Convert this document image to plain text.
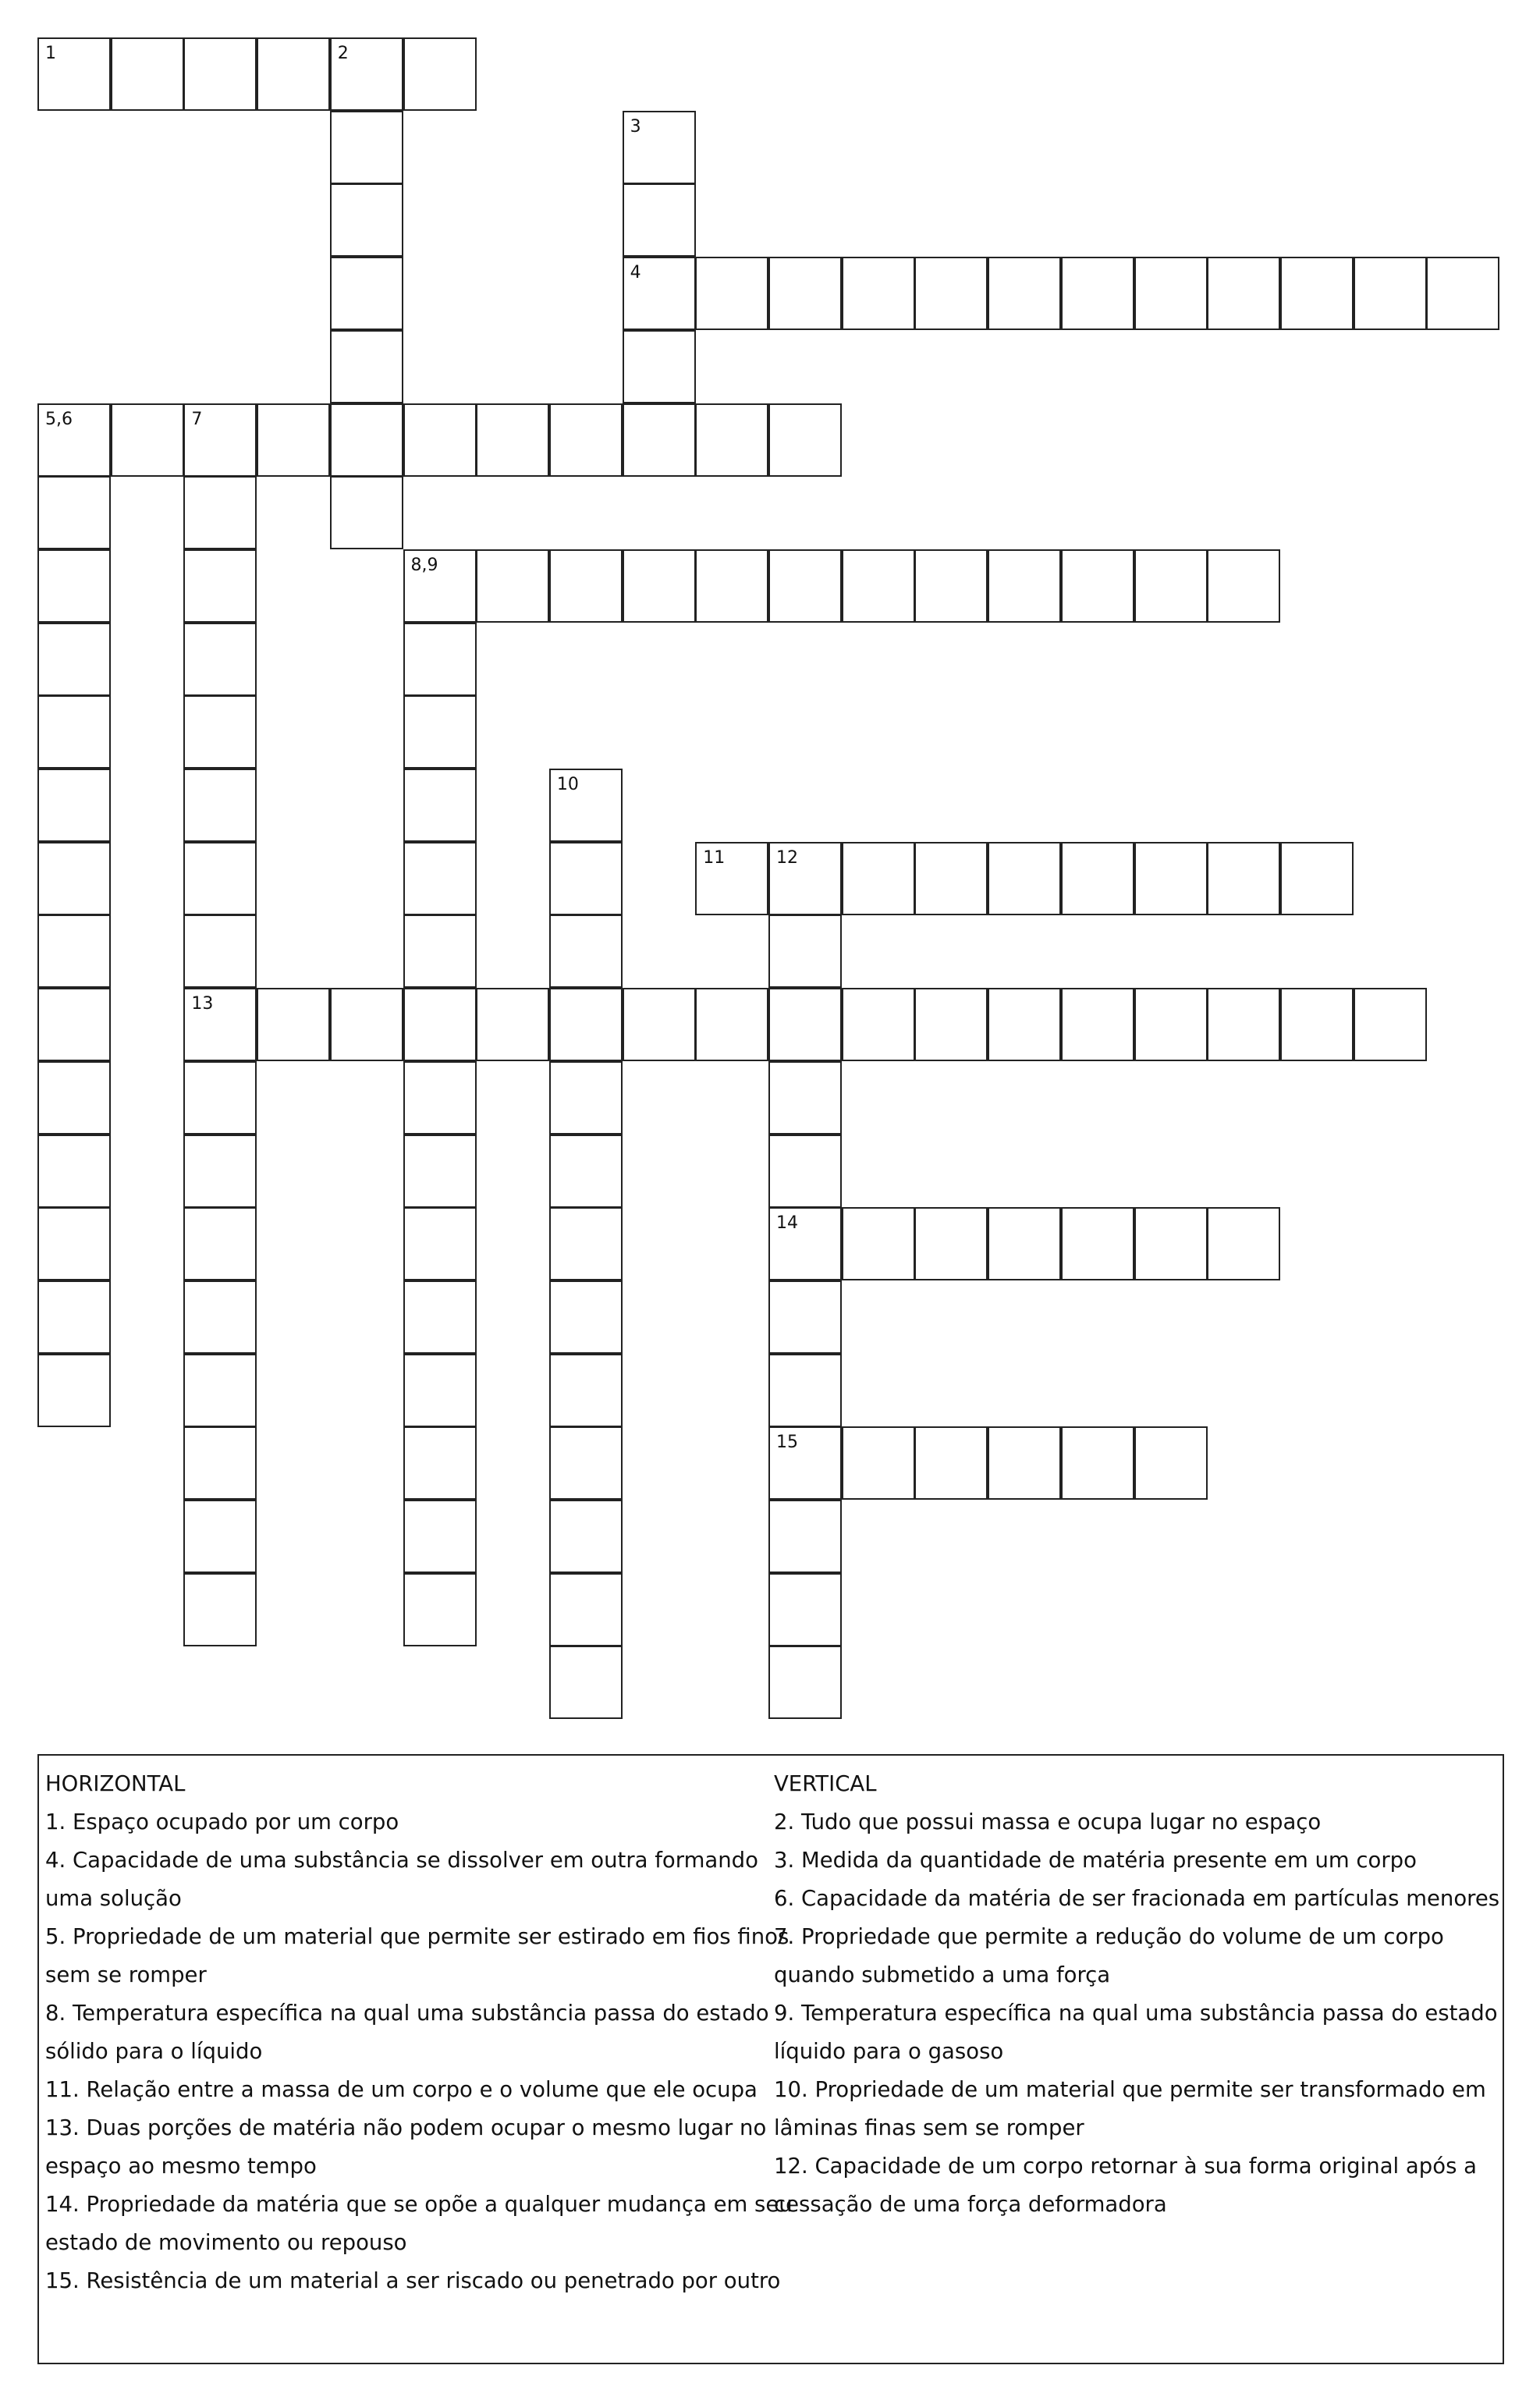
1	2
3
4
5,6	7
13
8,9
10
11	12
14
15
HORIZONTAL
1. Espaço ocupado por um corpo
4. Capacidade de uma substância se dissolver em outra formando
uma solução
5. Propriedade de um material que permite ser estirado em fios finos
sem se romper
8. Temperatura específica na qual uma substância passa do estado
sólido para o líquido
11. Relação entre a massa de um corpo e o volume que ele ocupa
13. Duas porções de matéria não podem ocupar o mesmo lugar no
espaço ao mesmo tempo
14. Propriedade da matéria que se opõe a qualquer mudança em seu
estado de movimento ou repouso
15. Resistência de um material a ser riscado ou penetrado por outro
VERTICAL
2. Tudo que possui massa e ocupa lugar no espaço
3. Medida da quantidade de matéria presente em um corpo
6. Capacidade da matéria de ser fracionada em partículas menores
7. Propriedade que permite a redução do volume de um corpo
quando submetido a uma força
9. Temperatura específica na qual uma substância passa do estado
líquido para o gasoso
10. Propriedade de um material que permite ser transformado em
lâminas finas sem se romper
12. Capacidade de um corpo retornar à sua forma original após a
cessação de uma força deformadora
